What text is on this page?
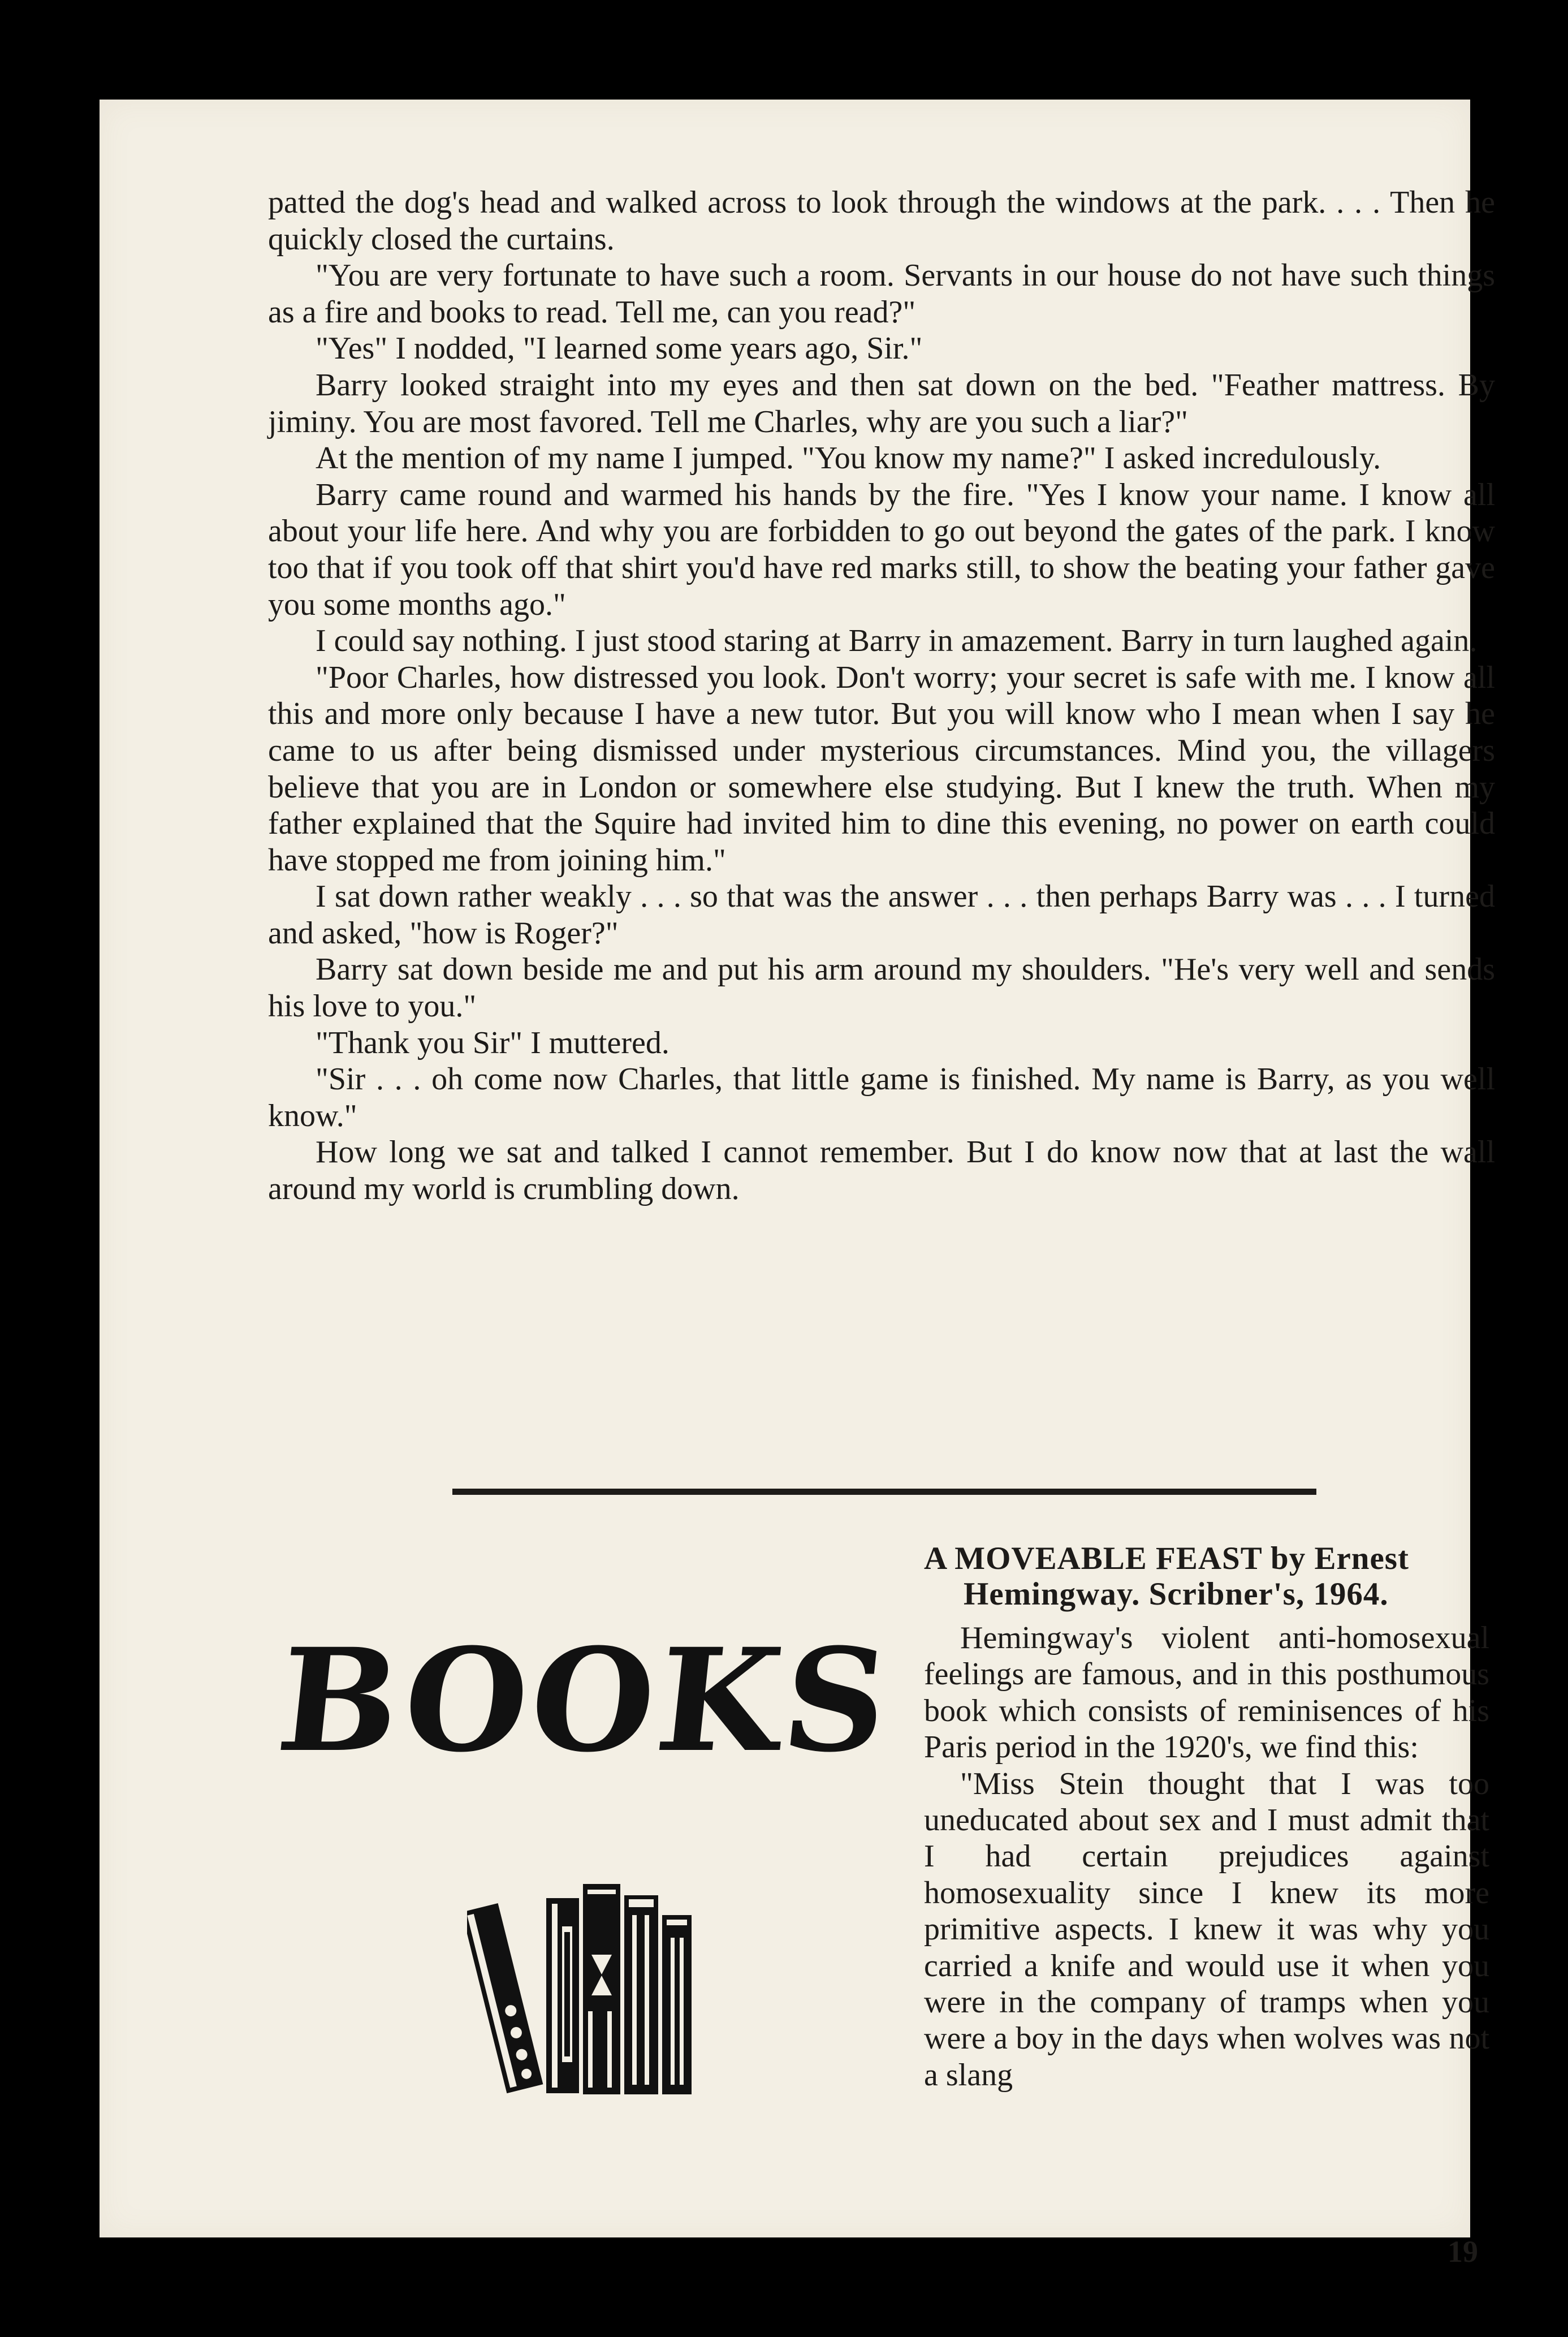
patted the dog's head and walked across to look through the windows at the park. . . . Then he quickly closed the curtains.

"You are very fortunate to have such a room. Servants in our house do not have such things as a fire and books to read. Tell me, can you read?"

"Yes" I nodded, "I learned some years ago, Sir."

Barry looked straight into my eyes and then sat down on the bed. "Feather mattress. By jiminy. You are most favored. Tell me Charles, why are you such a liar?"

At the mention of my name I jumped. "You know my name?" I asked incredulously.

Barry came round and warmed his hands by the fire. "Yes I know your name. I know all about your life here. And why you are forbidden to go out beyond the gates of the park. I know too that if you took off that shirt you'd have red marks still, to show the beating your father gave you some months ago."

I could say nothing. I just stood staring at Barry in amazement. Barry in turn laughed again.

"Poor Charles, how distressed you look. Don't worry; your secret is safe with me. I know all this and more only because I have a new tutor. But you will know who I mean when I say he came to us after being dismissed under mysterious circumstances. Mind you, the villagers believe that you are in London or somewhere else studying. But I knew the truth. When my father explained that the Squire had invited him to dine this evening, no power on earth could have stopped me from joining him."

I sat down rather weakly . . . so that was the answer . . . then perhaps Barry was . . . I turned and asked, "how is Roger?"

Barry sat down beside me and put his arm around my shoulders. "He's very well and sends his love to you."

"Thank you Sir" I muttered.

"Sir . . . oh come now Charles, that little game is finished. My name is Barry, as you well know."

How long we sat and talked I cannot remember. But I do know now that at last the wall around my world is crumbling down.

BOOKS

A MOVEABLE FEAST by Ernest Hemingway. Scribner's, 1964.

Hemingway's violent anti-homosexual feelings are famous, and in this posthumous book which consists of reminisences of his Paris period in the 1920's, we find this:

"Miss Stein thought that I was too uneducated about sex and I must admit that I had certain prejudices against homosexuality since I knew its more primitive aspects. I knew it was why you carried a knife and would use it when you were in the company of tramps when you were a boy in the days when wolves was not a slang

19
